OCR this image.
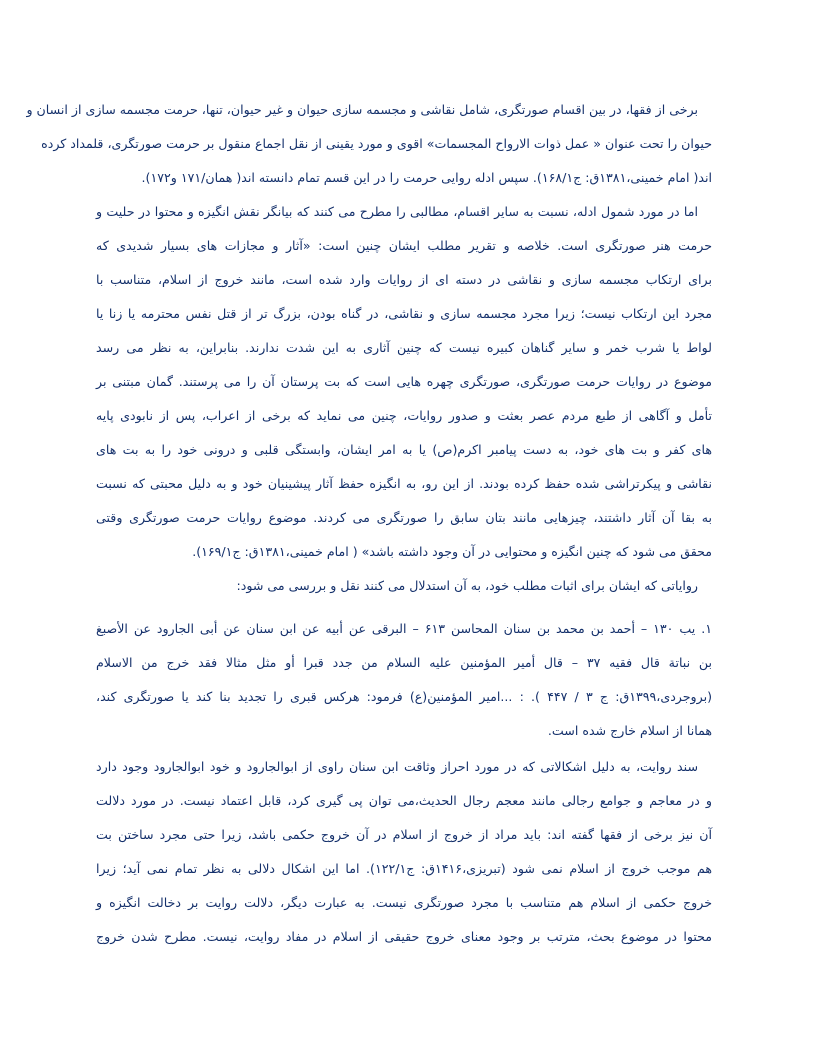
برخی از فقها، در بین اقسام صورتگری، شامل نقاشی و مجسمه سازی حیوان و غیر حیوان، تنها، حرمت مجسمه سازی از انسان و
حیوان را تحت عنوان « عمل ذوات الارواح المجسمات» اقوی و مورد یقینی از نقل اجماع منقول بر حرمت صورتگری، قلمداد کرده
اند( امام خمینی،۱۳۸۱ق: ج۱۶۸/۱). سپس ادله روایی حرمت را در این قسم تمام دانسته اند( همان/۱۷۱ و۱۷۲).
اما در مورد شمول ادله، نسبت به سایر اقسام، مطالبی را مطرح می کنند که بیانگر نقش انگیزه و محتوا در حلیت و
حرمت هنر صورتگری است. خلاصه و تقریر مطلب ایشان چنین است: «آثار و مجازات های بسیار شدیدی که
برای ارتکاب مجسمه سازی و نقاشی در دسته ای از روایات وارد شده است، مانند خروج از اسلام، متناسب با
مجرد این ارتکاب نیست؛ زیرا مجرد مجسمه سازی و نقاشی، در گناه بودن، بزرگ تر از قتل نفس محترمه یا زنا یا
لواط یا شرب خمر و سایر گناهان کبیره نیست که چنین آثاری به این شدت ندارند. بنابراین، به نظر می رسد
موضوع در روایات حرمت صورتگری، صورتگری چهره هایی است که بت پرستان آن را می پرستند. گمان مبتنی بر
تأمل و آگاهی از طبع مردم عصر بعثت و صدور روایات، چنین می نماید که برخی از اعراب، پس از نابودی پایه
های کفر و بت های خود، به دست پیامبر اکرم(ص) یا به امر ایشان، وابستگی قلبی و درونی خود را به بت های
نقاشی و پیکرتراشی شده حفظ کرده بودند. از این رو، به انگیزه حفظ آثار پیشینیان خود و به دلیل محبتی که نسبت
به بقا آن آثار داشتند، چیزهایی مانند بتان سابق را صورتگری می کردند. موضوع روایات حرمت صورتگری وقتی
محقق می شود که چنین انگیزه و محتوایی در آن وجود داشته باشد» ( امام خمینی،۱۳۸۱ق: ج۱۶۹/۱).
روایاتی که ایشان برای اثبات مطلب خود، به آن استدلال می کنند نقل و بررسی می شود:
۱. یب ۱۳۰ – أحمد بن محمد بن سنان المحاسن ۶۱۳ – البرقی عن أبیه عن ابن سنان عن أبی الجارود عن الأصبغ
بن نباتة قال فقیه ۳۷ – قال أمیر المؤمنین علیه السلام من جدد قبرا أو مثل مثالا فقد خرج من الاسلام
(بروجردی،۱۳۹۹ق: ج ۳ / ۴۴۷ ). : ...امیر المؤمنین(ع) فرمود: هرکس قبری را تجدید بنا کند یا صورتگری کند،
همانا از اسلام خارج شده است.
سند روایت، به دلیل اشکالاتی که در مورد احراز وثاقت ابن سنان راوی از ابوالجارود و خود ابوالجارود وجود دارد
و در معاجم و جوامع رجالی مانند معجم رجال الحدیث،می توان پی گیری کرد، قابل اعتماد نیست. در مورد دلالت
آن نیز برخی از فقها گفته اند: باید مراد از خروج از اسلام در آن خروج حکمی باشد، زیرا حتی مجرد ساختن بت
هم موجب خروج از اسلام نمی شود (تبریزی،۱۴۱۶ق: ج۱۲۲/۱). اما این اشکال دلالی به نظر تمام نمی آید؛ زیرا
خروج حکمی از اسلام هم متناسب با مجرد صورتگری نیست. به عبارت دیگر، دلالت روایت بر دخالت انگیزه و
محتوا در موضوع بحث، مترتب بر وجود معنای خروج حقیقی از اسلام در مفاد روایت، نیست. مطرح شدن خروج
